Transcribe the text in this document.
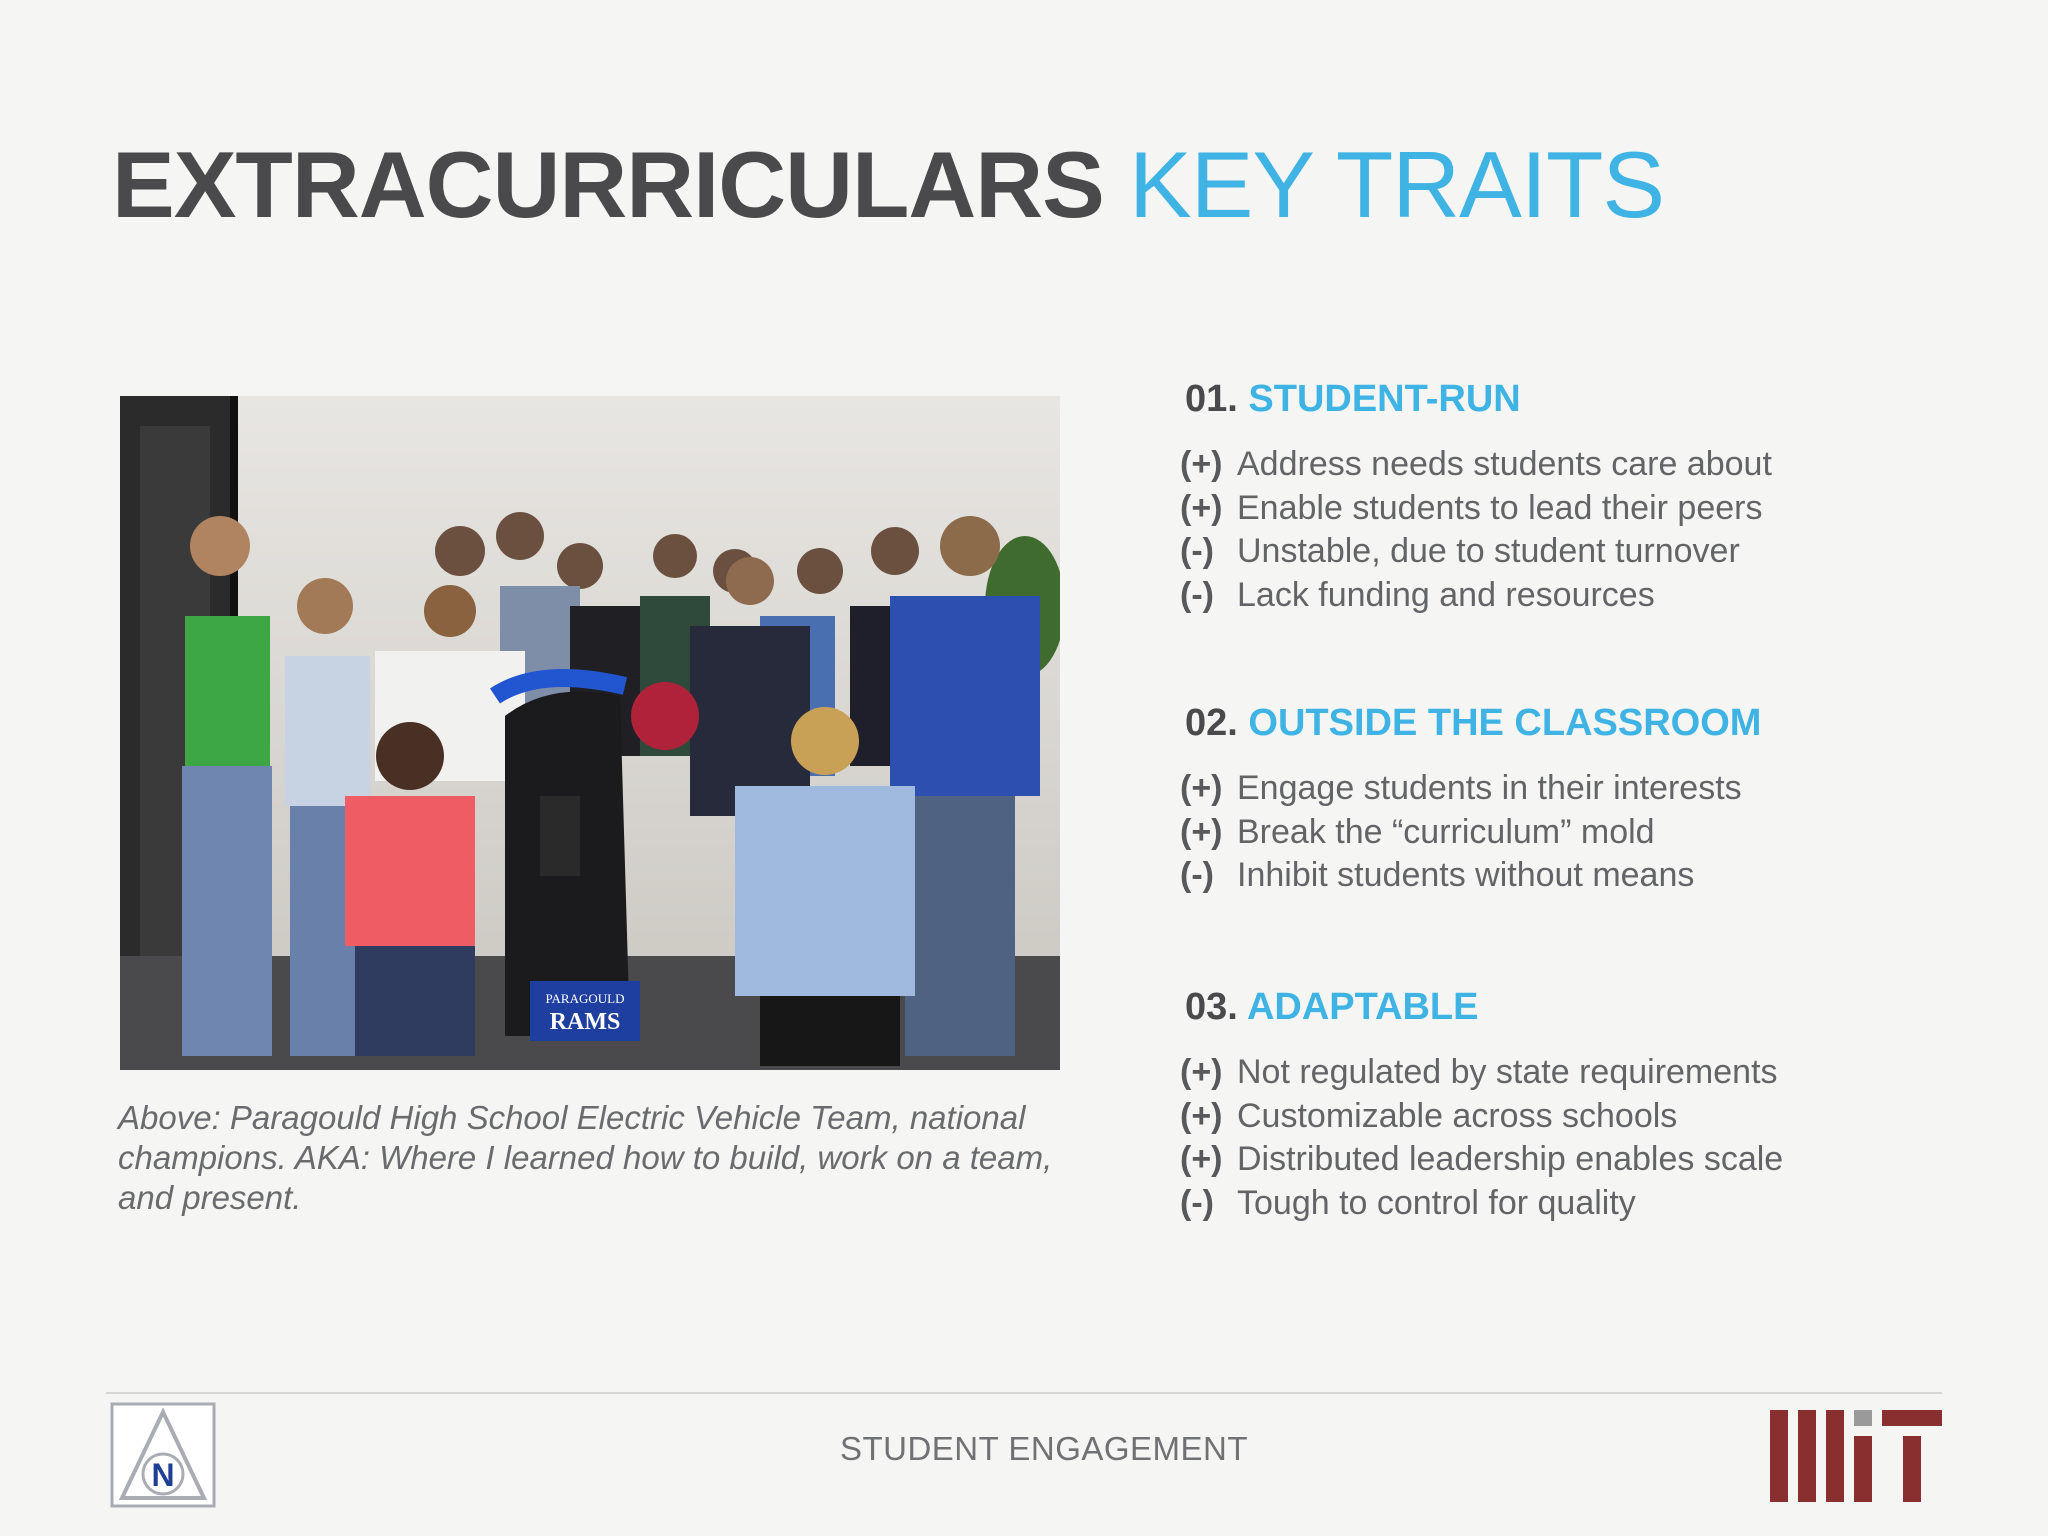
EXTRACURRICULARS KEY TRAITS
PARAGOULD
RAMS

Above: Paragould High School Electric Vehicle Team, national champions. AKA: Where I learned how to build, work on a team, and present.

01. STUDENT-RUN
(+) Address needs students care about
(+) Enable students to lead their peers
(-) Unstable, due to student turnover
(-) Lack funding and resources
02. OUTSIDE THE CLASSROOM
(+) Engage students in their interests
(+) Break the “curriculum” mold
(-) Inhibit students without means
03. ADAPTABLE
(+) Not regulated by state requirements
(+) Customizable across schools
(+) Distributed leadership enables scale
(-) Tough to control for quality
N
STUDENT ENGAGEMENT
